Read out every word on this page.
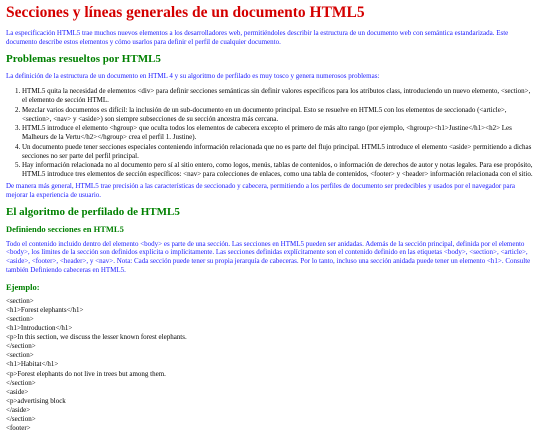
Secciones y líneas generales de un documento HTML5

La especificación HTML5 trae muchos nuevos elementos a los desarrolladores web, permitiéndoles describir la estructura de un documento web con semántica estandarizada. Este documento describe estos elementos y cómo usarlos para definir el perfil de cualquier documento.

Problemas resueltos por HTML5

La definición de la estructura de un documento en HTML 4 y su algoritmo de perfilado es muy tosco y genera numerosos problemas:

1. HTML5 quita la necesidad de elementos <div> para definir secciones semánticas sin definir valores específicos para los atributos class, introduciendo un nuevo elemento, <section>, el elemento de sección HTML.
2. Mezclar varios documentos es difícil: la inclusión de un sub-documento en un documento principal. Esto se resuelve en HTML5 con los elementos de seccionado (<article>, <section>, <nav> y <aside>) son siempre subsecciones de su sección ancestra más cercana.
3. HTML5 introduce el elemento <hgroup> que oculta todos los elementos de cabecera excepto el primero de más alto rango (por ejemplo, <hgroup><h1>Justine</h1><h2> Les Malheurs de la Vertu</h2></hgroup> crea el perfil 1. Justine).
4. Un documento puede tener secciones especiales conteniendo información relacionada que no es parte del flujo principal. HTML5 introduce el elemento <aside> permitiendo a dichas secciones no ser parte del perfil principal.
5. Hay información relacionada no al documento pero sí al sitio entero, como logos, menús, tablas de contenidos, o información de derechos de autor y notas legales. Para ese propósito, HTML5 introduce tres elementos de sección específicos: <nav> para colecciones de enlaces, como una tabla de contenidos, <footer> y <header> información relacionada con el sitio.

De manera más general, HTML5 trae precisión a las características de seccionado y cabecera, permitiendo a los perfiles de documento ser predecibles y usados por el navegador para mejorar la experiencia de usuario.

El algoritmo de perfilado de HTML5
Definiendo secciones en HTML5

Todo el contenido incluido dentro del elemento <body> es parte de una sección. Las secciones en HTML5 pueden ser anidadas. Además de la sección principal, definida por el elemento <body>, los límites de la sección son definidos explícita o implícitamente. Las secciones definidas explícitamente son el contenido definido en las etiquetas <body>, <section>, <article>, <aside>, <footer>, <header>, y <nav>. Nota: Cada sección puede tener su propia jerarquía de cabeceras. Por lo tanto, incluso una sección anidada puede tener un elemento <h1>. Consulte también Definiendo cabeceras en HTML5.

Ejemplo:
<section>
<h1>Forest elephants</h1>
<section>
<h1>Introduction</h1>
<p>In this section, we discuss the lesser known forest elephants.
</section>
<section>
<h1>Habitat</h1>
<p>Forest elephants do not live in trees but among them.
</section>
<aside>
<p>advertising block
</aside>
</section>
<footer>
